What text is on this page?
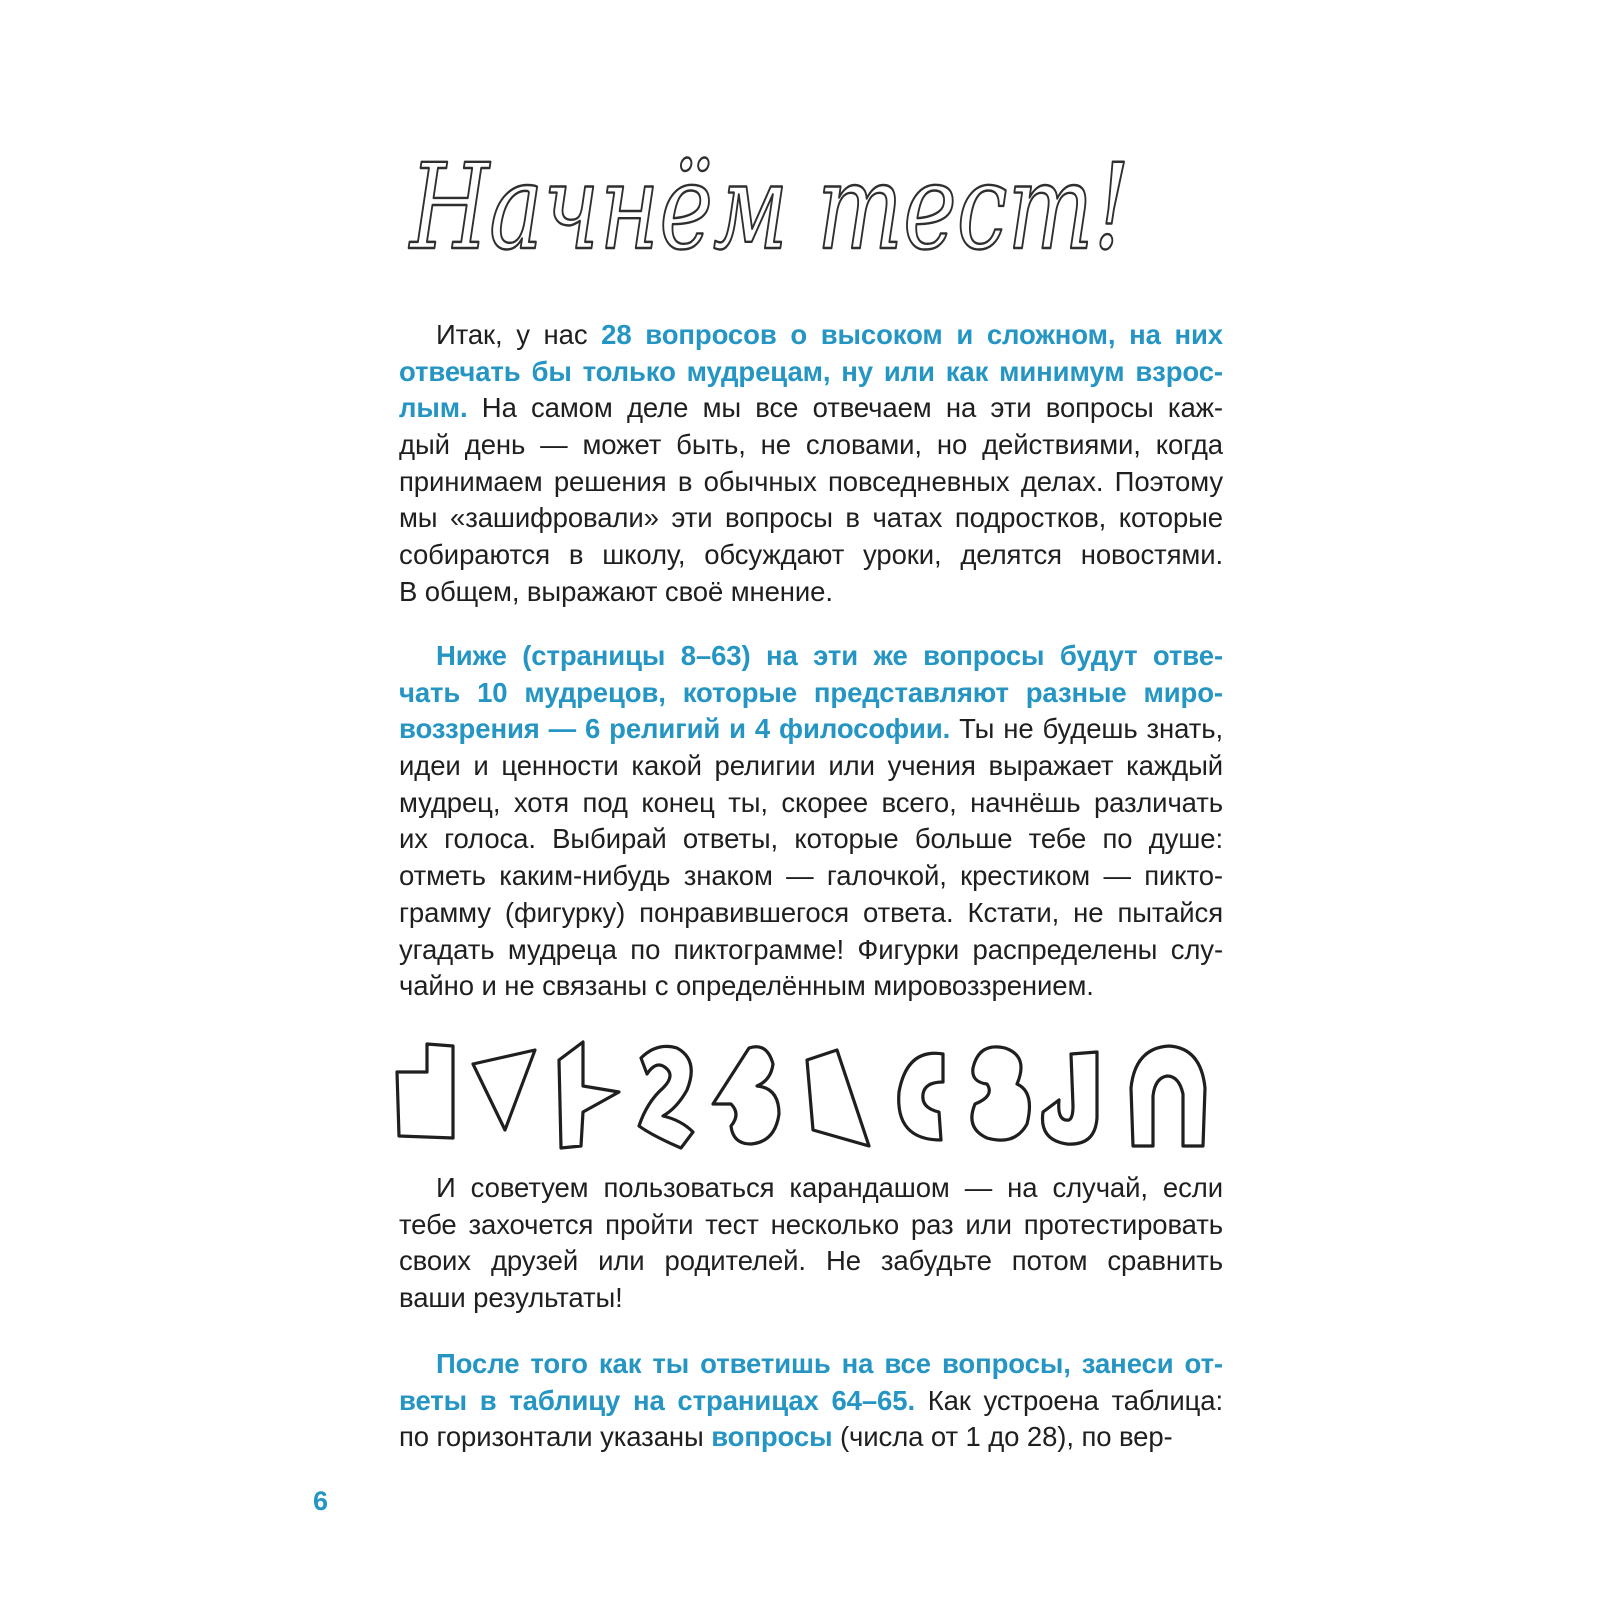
Начнём тест!
Итак, у нас 28 вопросов о высоком и сложном, на них
отвечать бы только мудрецам, ну или как минимум взрос-
лым. На самом деле мы все отвечаем на эти вопросы каж-
дый день — может быть, не словами, но действиями, когда
принимаем решения в обычных повседневных делах. Поэтому
мы «зашифровали» эти вопросы в чатах подростков, которые
собираются в школу, обсуждают уроки, делятся новостями.
В общем, выражают своё мнение.
Ниже (страницы 8–63) на эти же вопросы будут отве-
чать 10 мудрецов, которые представляют разные миро-
воззрения — 6 религий и 4 философии. Ты не будешь знать,
идеи и ценности какой религии или учения выражает каждый
мудрец, хотя под конец ты, скорее всего, начнёшь различать
их голоса. Выбирай ответы, которые больше тебе по душе:
отметь каким-нибудь знаком — галочкой, крестиком — пикто-
грамму (фигурку) понравившегося ответа. Кстати, не пытайся
угадать мудреца по пиктограмме! Фигурки распределены слу-
чайно и не связаны с определённым мировоззрением.
И советуем пользоваться карандашом — на случай, если
тебе захочется пройти тест несколько раз или протестировать
своих друзей или родителей. Не забудьте потом сравнить
ваши результаты!
После того как ты ответишь на все вопросы, занеси от-
веты в таблицу на страницах 64–65. Как устроена таблица:
по горизонтали указаны вопросы (числа от 1 до 28), по вер-
6
